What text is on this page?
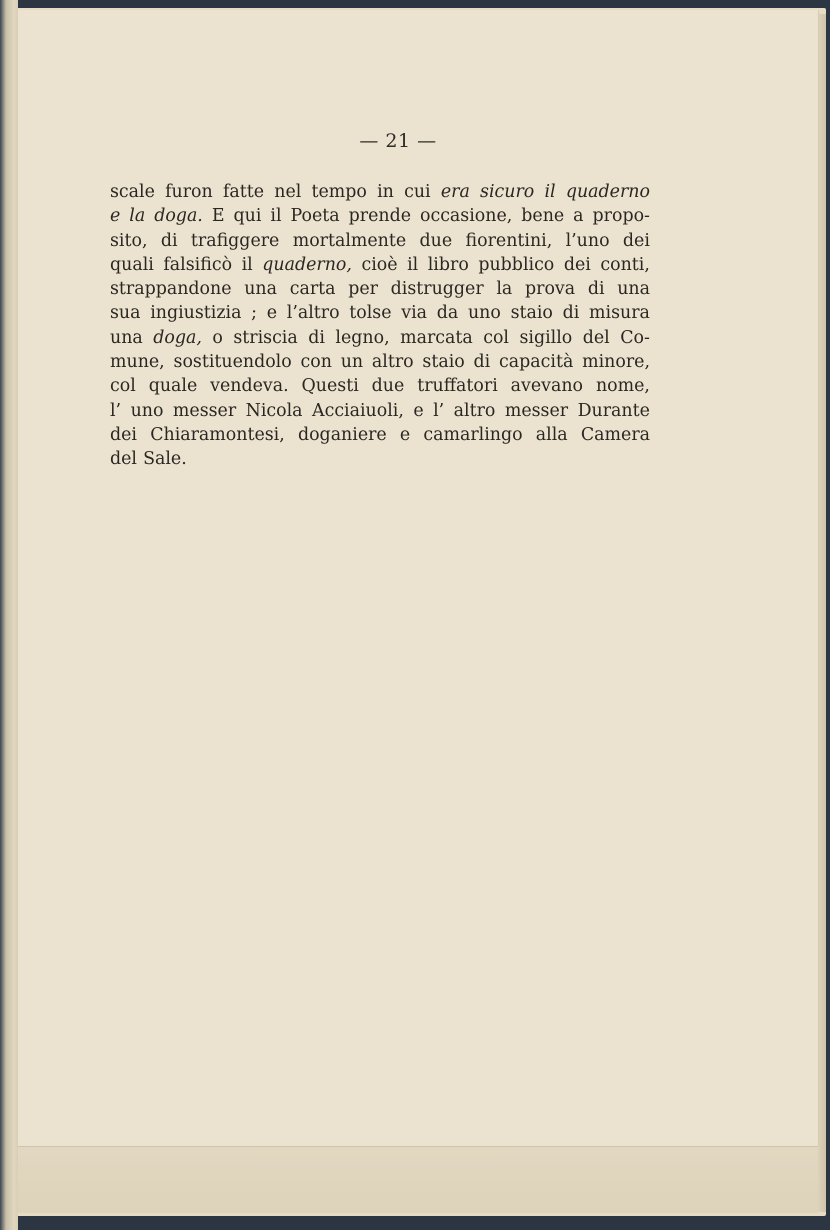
— 21 —
scale furon fatte nel tempo in cui era sicuro il quaderno
e la doga. E qui il Poeta prende occasione, bene a propo-
sito, di trafiggere mortalmente due fiorentini, l’uno dei
quali falsificò il quaderno, cioè il libro pubblico dei conti,
strappandone una carta per distrugger la prova di una
sua ingiustizia ; e l’altro tolse via da uno staio di misura
una doga, o striscia di legno, marcata col sigillo del Co-
mune, sostituendolo con un altro staio di capacità minore,
col quale vendeva. Questi due truffatori avevano nome,
l’ uno messer Nicola Acciaiuoli, e l’ altro messer Durante
dei Chiaramontesi, doganiere e camarlingo alla Camera
del Sale.
